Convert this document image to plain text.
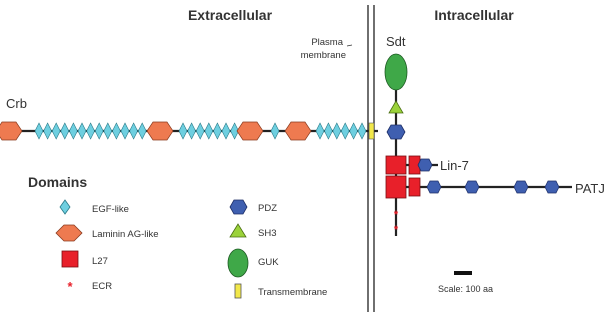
Extracellular	Intracellular
Plasma
membrane
Crb
Sdt
Lin-7
PATJ
*
*
Domains
EGF-like
Laminin AG-like
L27
* ECR
PDZ
SH3
GUK
Transmembrane	Scale: 100 aa
